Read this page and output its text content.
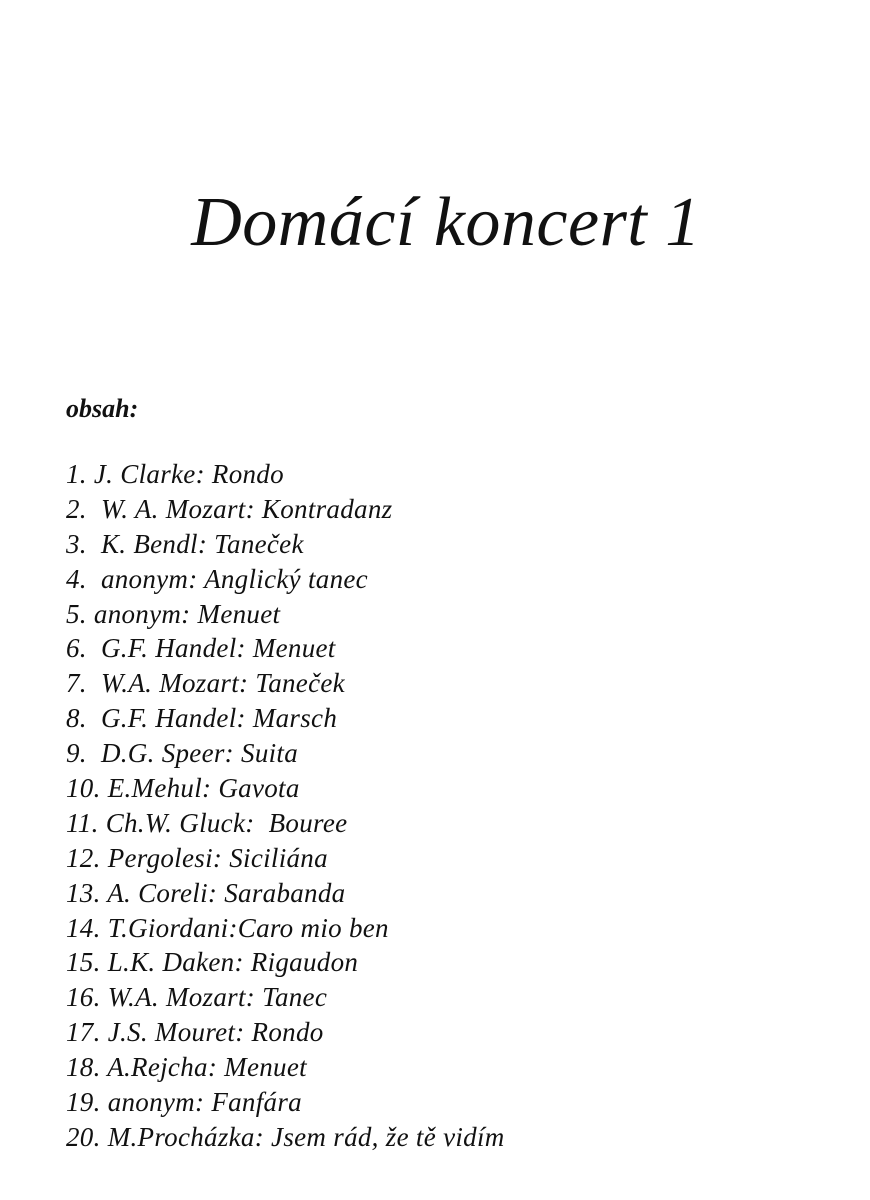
Domácí koncert 1
obsah:
1. J. Clarke: Rondo
2.  W. A. Mozart: Kontradanz
3.  K. Bendl: Taneček
4.  anonym: Anglický tanec
5. anonym: Menuet
6.  G.F. Handel: Menuet
7.  W.A. Mozart: Taneček
8.  G.F. Handel: Marsch
9.  D.G. Speer: Suita
10. E.Mehul: Gavota
11. Ch.W. Gluck:  Bouree
12. Pergolesi: Siciliána
13. A. Coreli: Sarabanda
14. T.Giordani:Caro mio ben
15. L.K. Daken: Rigaudon
16. W.A. Mozart: Tanec
17. J.S. Mouret: Rondo
18. A.Rejcha: Menuet
19. anonym: Fanfára
20. M.Procházka: Jsem rád, že tě vidím
